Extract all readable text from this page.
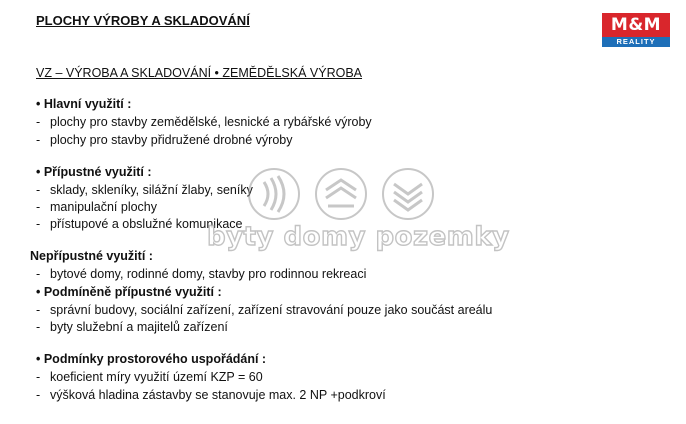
PLOCHY VÝROBY A SKLADOVÁNÍ	M&M
REALITY
VZ – VÝROBA A SKLADOVÁNÍ • ZEMĚDĚLSKÁ VÝROBA
• Hlavní využití :
- plochy pro stavby zemědělské, lesnické a rybářské výroby
- plochy pro stavby přidružené drobné výroby
• Přípustné využití :
- sklady, skleníky, silážní žlaby, seníky
- manipulační plochy
- přístupové a obslužné komunikace
Nepřípustné využití :
- bytové domy, rodinné domy, stavby pro rodinnou rekreaci
• Podmíněně přípustné využití :
- správní budovy, sociální zařízení, zařízení stravování pouze jako součást areálu
- byty služební a majitelů zařízení
• Podmínky prostorového uspořádání :
- koeficient míry využití území KZP = 60
- výšková hladina zástavby se stanovuje max. 2 NP +podkroví
byty domy pozemky
